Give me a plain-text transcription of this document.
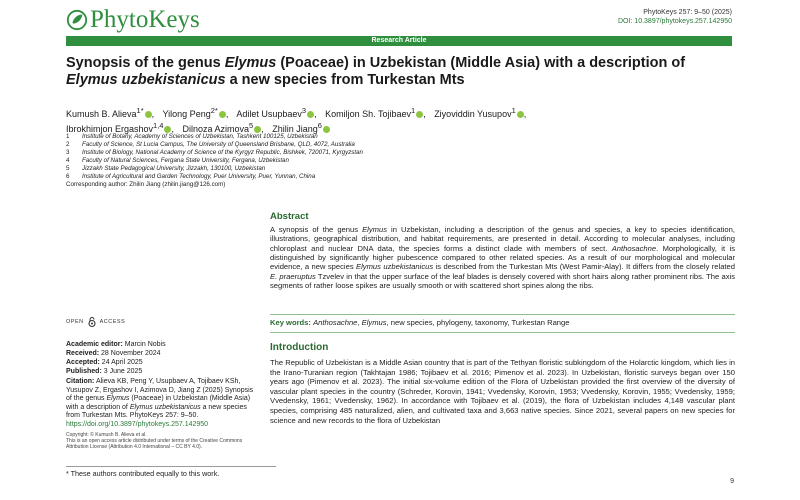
PhytoKeys	PhytoKeys 257: 9–50 (2025)
DOI: 10.3897/phytokeys.257.142950
Research Article
Synopsis of the genus Elymus (Poaceae) in Uzbekistan (Middle Asia) with a description of Elymus uzbekistanicus a new species from Turkestan Mts
Kumush B. Alieva$^{1*}$ , Yilong Peng$^{2*}$ , Adilet Usupbaev$^3$ , Komiljon Sh. Tojibaev$^1$ , Ziyoviddin Yusupov$^1$ ,
Ibrokhimjon Ergashov$^{1,4}$ , Dilnoza Azimova$^5$ , Zhilin Jiang$^6$
1	Institute of Botany, Academy of Sciences of Uzbekistan, Tashkent 100125, Uzbekistan
2	Faculty of Science, St Lucia Campus, The University of Queensland Brisbane, QLD, 4072, Australia
3	Institute of Biology, National Academy of Science of the Kyrgyz Republic, Bishkek, 720071, Kyrgyzstan
4	Faculty of Natural Sciences, Fergana State University, Fergana, Uzbekistan
5	Jizzakh State Pedagogical University, Jizzakh, 130100, Uzbekistan
6	Institute of Agricultural and Garden Technology, Puer University, Puer, Yunnan, China
Corresponding author: Zhilin Jiang (zhilin.jiang@126.com)
OPEN	ACCESS
Academic editor: Marcin Nobis
Received: 28 November 2024
Accepted: 24 April 2025
Published: 3 June 2025
Citation: Alieva KB, Peng Y, Usupbaev A, Tojibaev KSh, Yusupov Z, Ergashov I, Azimova D, Jiang Z (2025) Synopsis of the genus Elymus (Poaceae) in Uzbekistan (Middle Asia) with a description of Elymus uzbekistanicus a new species from Turkestan Mts. PhytoKeys 257: 9–50. https://doi.org/10.3897/phytokeys.257.142950
Copyright: © Kumush B. Alieva et al.
This is an open access article distributed under terms of the Creative Commons Attribution License (Attribution 4.0 International – CC BY 4.0).
Abstract
A synopsis of the genus Elymus in Uzbekistan, including a description of the genus and species, a key to species identification, illustrations, geographical distribution, and habitat requirements, are presented in detail. According to molecular analyses, including chloroplast and nuclear DNA data, the species forms a distinct clade with members of sect. Anthosachne. Morphologically, it is distinguished by significantly higher pubescence compared to other related species. As a result of our morphological and molecular evidence, a new species Elymus uzbekistanicus is described from the Turkestan Mts (West Pamir-Alay). It differs from the closely related E. praeruptus Tzvelev in that the upper surface of the leaf blades is densely covered with short hairs along rather prominent ribs. The axis segments of rather loose spikes are usually smooth or with scattered short spines along the ribs.
Key words: Anthosachne, Elymus, new species, phylogeny, taxonomy, Turkestan Range
Introduction
The Republic of Uzbekistan is a Middle Asian country that is part of the Tethyan floristic subkingdom of the Holarctic kingdom, which lies in the Irano-Turanian region (Takhtajan 1986; Tojibaev et al. 2016; Pimenov et al. 2023). In Uzbekistan, floristic surveys began over 150 years ago (Pimenov et al. 2023). The initial six-volume edition of the Flora of Uzbekistan provided the first overview of the diversity of vascular plant species in the country (Schreder, Korovin, 1941; Vvedensky, Korovin, 1953; Vvedensky, Korovin, 1955; Vvedensky, 1959; Vvedensky, 1961; Vvedensky, 1962). In accordance with Tojibaev et al. (2019), the flora of Uzbekistan includes 4,148 vascular plant species, comprising 485 naturalized, alien, and cultivated taxa and 3,663 native species. Since 2021, several papers on new species for science and new records to the flora of Uzbekistan
* These authors contributed equally to this work.
9
